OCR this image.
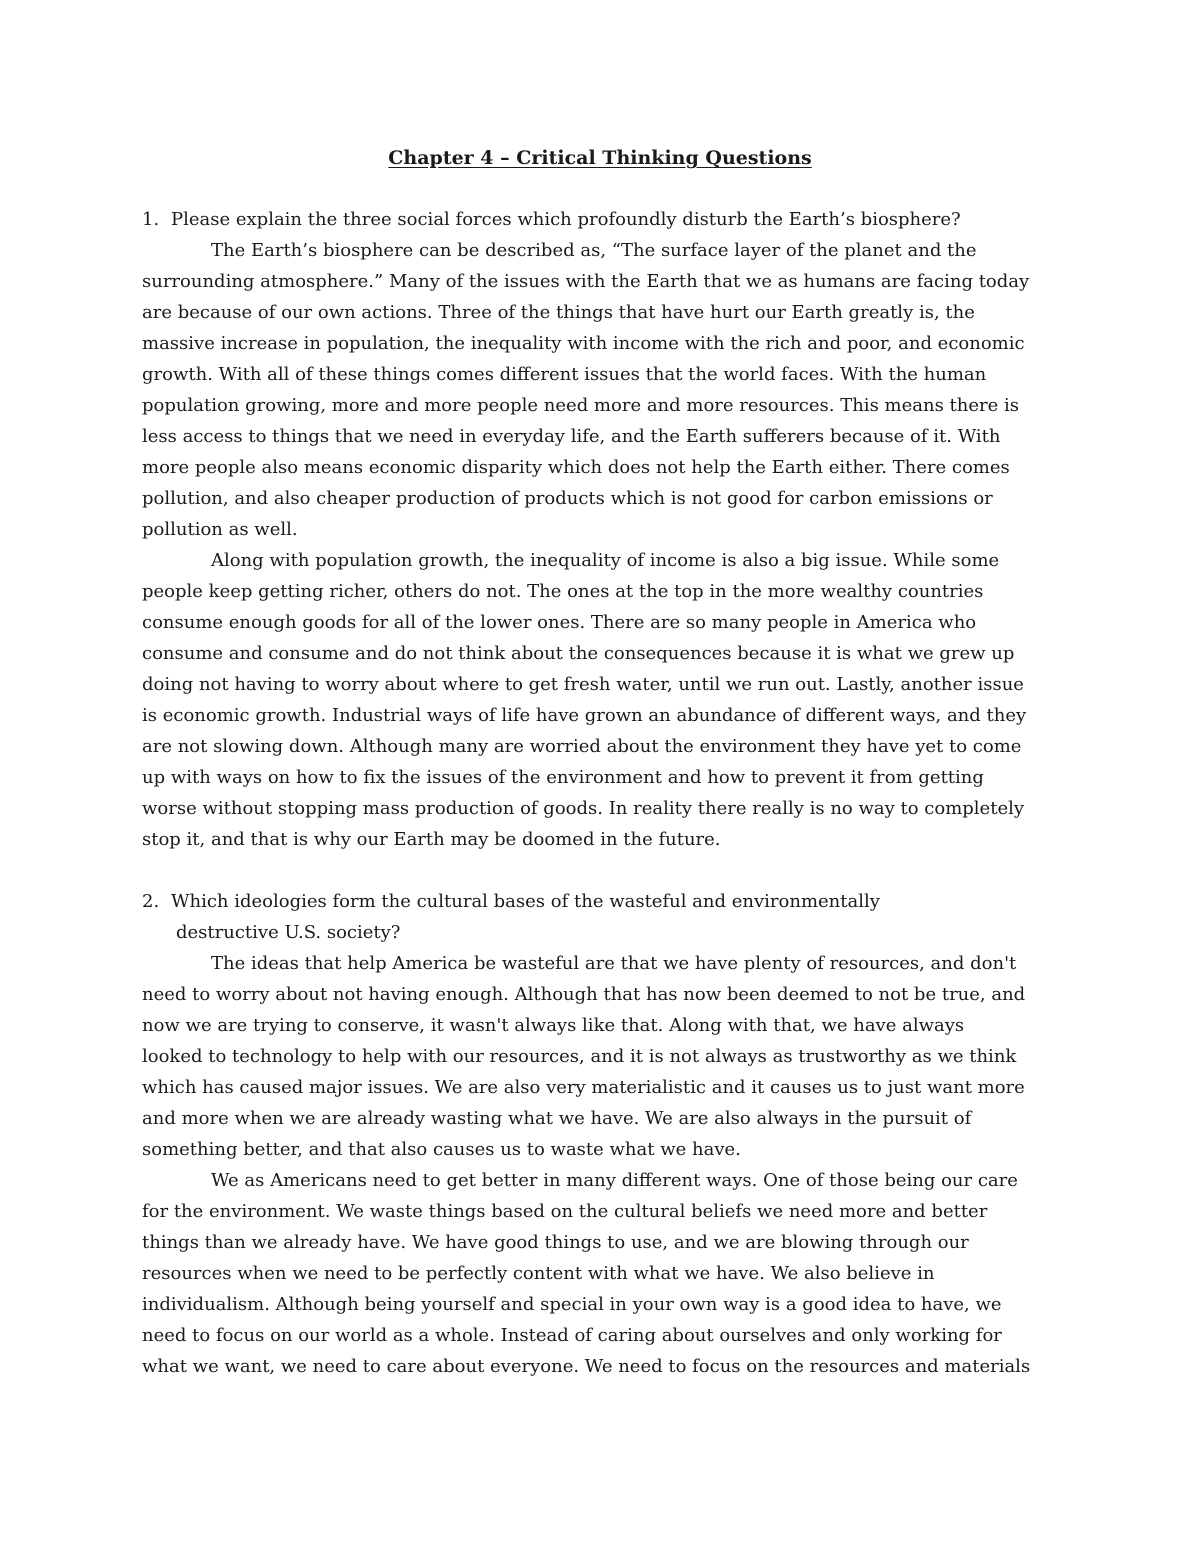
Chapter 4 – Critical Thinking Questions
1. Please explain the three social forces which profoundly disturb the Earth’s biosphere?
The Earth’s biosphere can be described as, “The surface layer of the planet and the
surrounding atmosphere.” Many of the issues with the Earth that we as humans are facing today
are because of our own actions. Three of the things that have hurt our Earth greatly is, the
massive increase in population, the inequality with income with the rich and poor, and economic
growth. With all of these things comes different issues that the world faces. With the human
population growing, more and more people need more and more resources. This means there is
less access to things that we need in everyday life, and the Earth sufferers because of it. With
more people also means economic disparity which does not help the Earth either. There comes
pollution, and also cheaper production of products which is not good for carbon emissions or
pollution as well.
Along with population growth, the inequality of income is also a big issue. While some
people keep getting richer, others do not. The ones at the top in the more wealthy countries
consume enough goods for all of the lower ones. There are so many people in America who
consume and consume and do not think about the consequences because it is what we grew up
doing not having to worry about where to get fresh water, until we run out. Lastly, another issue
is economic growth. Industrial ways of life have grown an abundance of different ways, and they
are not slowing down. Although many are worried about the environment they have yet to come
up with ways on how to fix the issues of the environment and how to prevent it from getting
worse without stopping mass production of goods. In reality there really is no way to completely
stop it, and that is why our Earth may be doomed in the future.
2. Which ideologies form the cultural bases of the wasteful and environmentally
destructive U.S. society?
The ideas that help America be wasteful are that we have plenty of resources, and don't
need to worry about not having enough. Although that has now been deemed to not be true, and
now we are trying to conserve, it wasn't always like that. Along with that, we have always
looked to technology to help with our resources, and it is not always as trustworthy as we think
which has caused major issues. We are also very materialistic and it causes us to just want more
and more when we are already wasting what we have. We are also always in the pursuit of
something better, and that also causes us to waste what we have.
We as Americans need to get better in many different ways. One of those being our care
for the environment. We waste things based on the cultural beliefs we need more and better
things than we already have. We have good things to use, and we are blowing through our
resources when we need to be perfectly content with what we have. We also believe in
individualism. Although being yourself and special in your own way is a good idea to have, we
need to focus on our world as a whole. Instead of caring about ourselves and only working for
what we want, we need to care about everyone. We need to focus on the resources and materials
